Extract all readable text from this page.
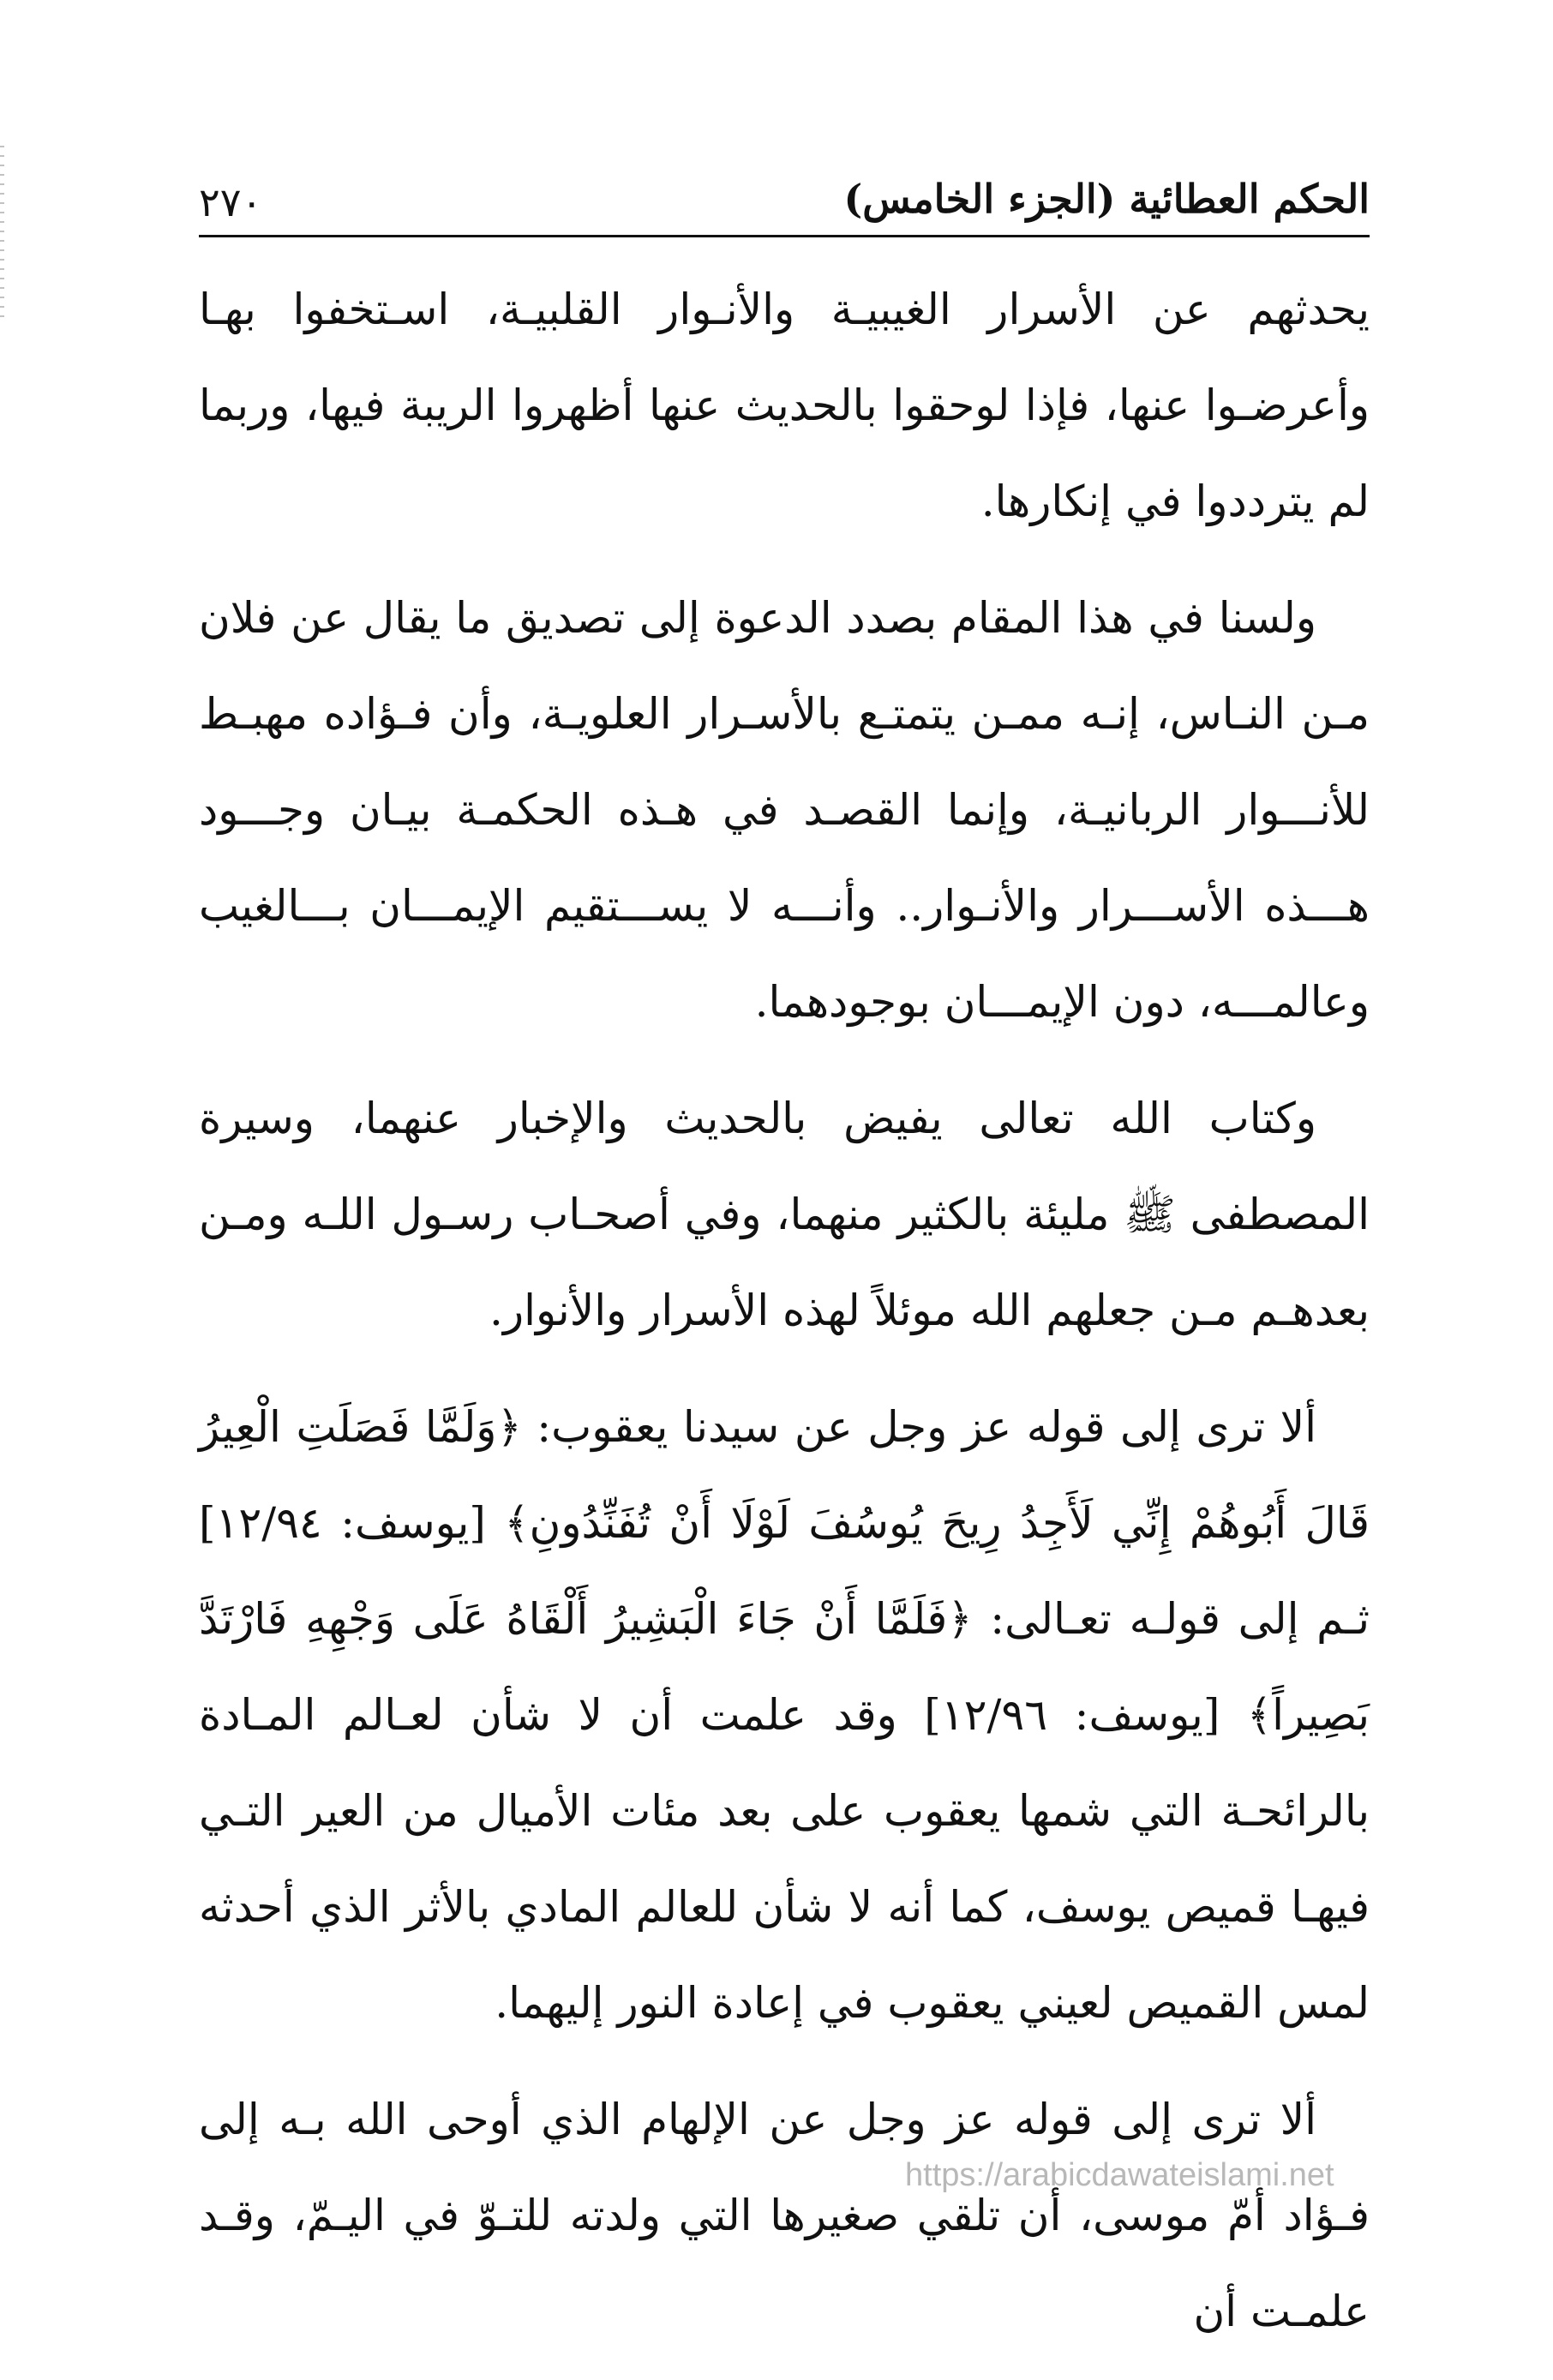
الحكم العطائية (الجزء الخامس)
٢٧٠

يحدثهم عن الأسرار الغيبيـة والأنـوار القلبيـة، اسـتخفوا بهـا وأعرضـوا عنها، فإذا لوحقوا بالحديث عنها أظهروا الريبة فيها، وربما لم يترددوا في إنكارها.

ولسنا في هذا المقام بصدد الدعوة إلى تصديق ما يقال عن فلان مـن النـاس، إنـه ممـن يتمتـع بالأسـرار العلويـة، وأن فـؤاده مهبـط للأنـــوار الربانيـة، وإنما القصـد في هـذه الحكمـة بيـان وجـــود هـــذه الأســـرار والأنـوار.. وأنـــه لا يســـتقيم الإيمـــان بـــالغيب وعالمـــه، دون الإيمـــان بوجودهما.

وكتاب الله تعالى يفيض بالحديث والإخبار عنهما، وسيرة المصطفى ﷺ مليئة بالكثير منهما، وفي أصحـاب رسـول اللـه ومـن بعدهـم مـن جعلهم الله موئلاً لهذه الأسرار والأنوار.

ألا ترى إلى قوله عز وجل عن سيدنا يعقوب: ﴿وَلَمَّا فَصَلَتِ الْعِيرُ قَالَ أَبُوهُمْ إِنِّي لَأَجِدُ رِيحَ يُوسُفَ لَوْلَا أَنْ تُفَنِّدُونِ﴾ [يوسف: ١٢/٩٤] ثـم إلى قولـه تعـالى: ﴿فَلَمَّا أَنْ جَاءَ الْبَشِيرُ أَلْقَاهُ عَلَى وَجْهِهِ فَارْتَدَّ بَصِيراً﴾ [يوسف: ١٢/٩٦] وقد علمت أن لا شأن لعـالم المـادة بالرائحـة التي شمها يعقوب على بعد مئات الأميال من العير التـي فيهـا قميص يوسف، كما أنه لا شأن للعالم المادي بالأثر الذي أحدثه لمس القميص لعيني يعقوب في إعادة النور إليهما.

ألا ترى إلى قوله عز وجل عن الإلهام الذي أوحى الله بـه إلى فـؤاد أمّ موسى، أن تلقي صغيرها التي ولدته للتـوّ في اليـمّ، وقـد علمـت أن

https://arabicdawateislami.net
